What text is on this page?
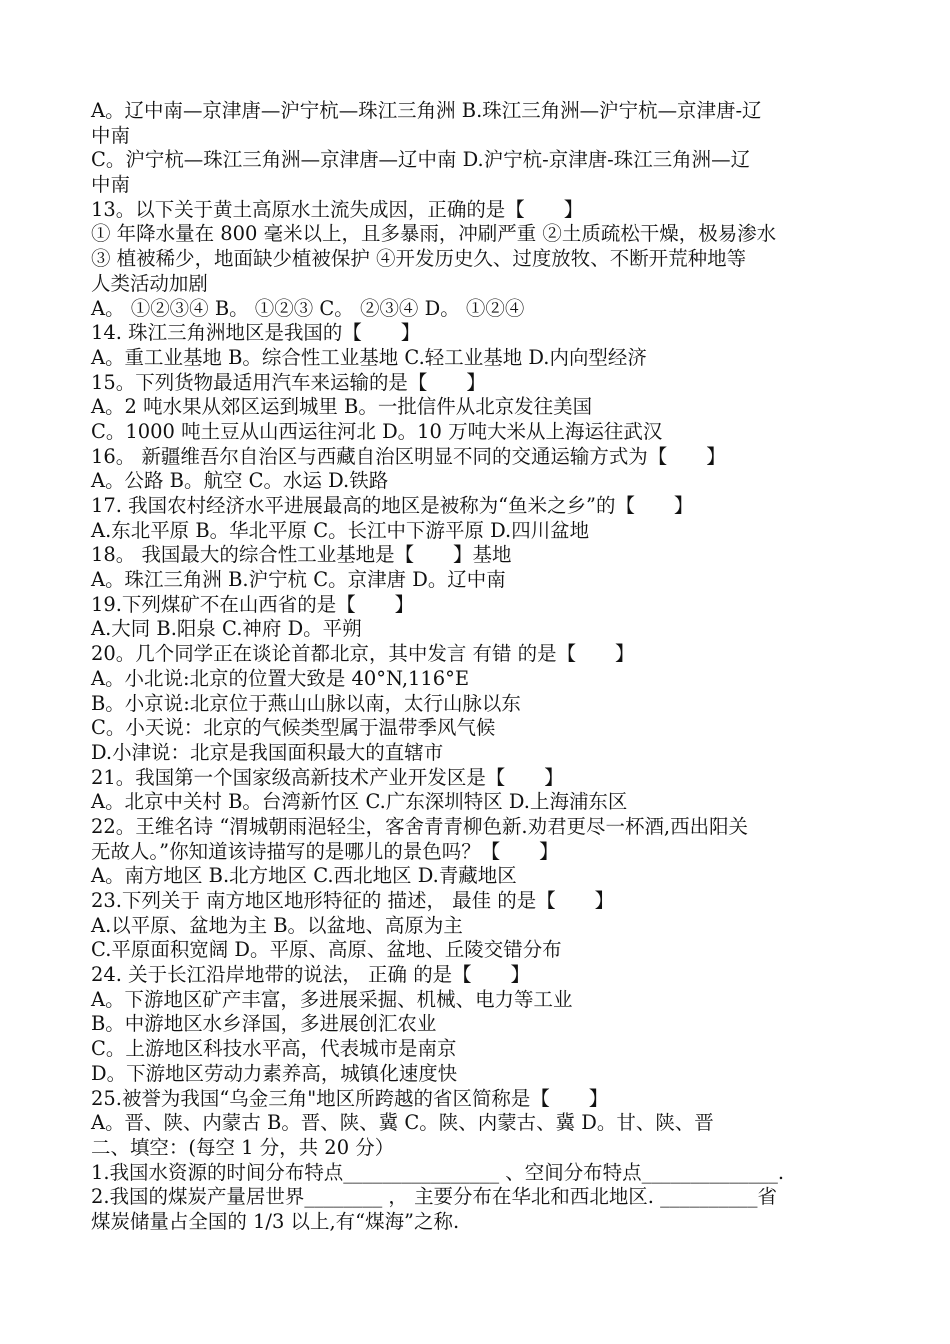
A。辽中南—京津唐—沪宁杭—珠江三角洲 B.珠江三角洲—沪宁杭—京津唐-辽
中南
C。沪宁杭—珠江三角洲—京津唐—辽中南 D.沪宁杭-京津唐-珠江三角洲—辽
中南
13。以下关于黄土高原水土流失成因，正确的是【　　】
① 年降水量在 800 毫米以上，且多暴雨，冲刷严重 ②土质疏松干燥，极易渗水
③ 植被稀少，地面缺少植被保护 ④开发历史久、过度放牧、不断开荒种地等
人类活动加剧
A。 ①②③④ B。 ①②③ C。 ②③④ D。 ①②④
14. 珠江三角洲地区是我国的【　　】
A。重工业基地 B。综合性工业基地 C.轻工业基地 D.内向型经济
15。下列货物最适用汽车来运输的是【　　】
A。2 吨水果从郊区运到城里 B。一批信件从北京发往美国
C。1000 吨土豆从山西运往河北 D。10 万吨大米从上海运往武汉
16。 新疆维吾尔自治区与西藏自治区明显不同的交通运输方式为【　　】
A。公路 B。航空 C。水运 D.铁路
17. 我国农村经济水平进展最高的地区是被称为“鱼米之乡”的【　　】
A.东北平原 B。华北平原 C。长江中下游平原 D.四川盆地
18。 我国最大的综合性工业基地是【　　】基地
A。珠江三角洲 B.沪宁杭 C。京津唐 D。辽中南
19.下列煤矿不在山西省的是【　　】
A.大同 B.阳泉 C.神府 D。平朔
20。几个同学正在谈论首都北京，其中发言 有错 的是【　　】
A。小北说:北京的位置大致是 40°N,116°E
B。小京说:北京位于燕山山脉以南，太行山脉以东
C。小天说：北京的气候类型属于温带季风气候
D.小津说：北京是我国面积最大的直辖市
21。我国第一个国家级高新技术产业开发区是【　　】
A。北京中关村 B。台湾新竹区 C.广东深圳特区 D.上海浦东区
22。王维名诗 “渭城朝雨浥轻尘，客舍青青柳色新.劝君更尽一杯酒,西出阳关
无故人。”你知道该诗描写的是哪儿的景色吗？【　　】
A。南方地区 B.北方地区 C.西北地区 D.青藏地区
23.下列关于 南方地区地形特征的 描述， 最佳 的是【　　】
A.以平原、盆地为主 B。以盆地、高原为主
C.平原面积宽阔 D。平原、高原、盆地、丘陵交错分布
24. 关于长江沿岸地带的说法， 正确 的是【　　】
A。下游地区矿产丰富，多进展采掘、机械、电力等工业
B。中游地区水乡泽国，多进展创汇农业
C。上游地区科技水平高，代表城市是南京
D。下游地区劳动力素养高，城镇化速度快
25.被誉为我国“乌金三角"地区所跨越的省区简称是【　　】
A。晋、陕、内蒙古 B。晋、陕、冀 C。陕、内蒙古、冀 D。甘、陕、晋
二、填空：(每空 1 分，共 20 分）
1.我国水资源的时间分布特点________________ 、空间分布特点______________.
2.我国的煤炭产量居世界________ ， 主要分布在华北和西北地区. __________省
煤炭储量占全国的 1/3 以上,有“煤海”之称.
